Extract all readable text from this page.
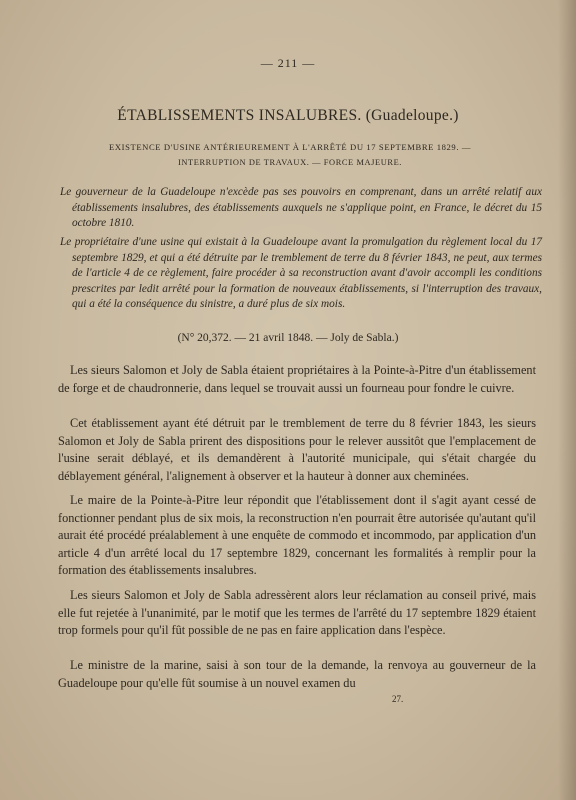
— 211 —
ÉTABLISSEMENTS INSALUBRES. (Guadeloupe.)
EXISTENCE D'USINE ANTÉRIEUREMENT À L'ARRÊTÉ DU 17 SEPTEMBRE 1829. —
INTERRUPTION DE TRAVAUX. — FORCE MAJEURE.

Le gouverneur de la Guadeloupe n'excède pas ses pouvoirs en comprenant, dans un arrêté relatif aux établissements insalubres, des établissements auxquels ne s'applique point, en France, le décret du 15 octobre 1810.

Le propriétaire d'une usine qui existait à la Guadeloupe avant la promulgation du règlement local du 17 septembre 1829, et qui a été détruite par le tremblement de terre du 8 février 1843, ne peut, aux termes de l'article 4 de ce règlement, faire procéder à sa reconstruction avant d'avoir accompli les conditions prescrites par ledit arrêté pour la formation de nouveaux établissements, si l'interruption des travaux, qui a été la conséquence du sinistre, a duré plus de six mois.

(N° 20,372. — 21 avril 1848. — Joly de Sabla.)

Les sieurs Salomon et Joly de Sabla étaient propriétaires à la Pointe-à-Pitre d'un établissement de forge et de chaudronnerie, dans lequel se trouvait aussi un fourneau pour fondre le cuivre.

Cet établissement ayant été détruit par le tremblement de terre du 8 février 1843, les sieurs Salomon et Joly de Sabla prirent des dispositions pour le relever aussitôt que l'emplacement de l'usine serait déblayé, et ils demandèrent à l'autorité municipale, qui s'était chargée du déblayement général, l'alignement à observer et la hauteur à donner aux cheminées.

Le maire de la Pointe-à-Pitre leur répondit que l'établissement dont il s'agit ayant cessé de fonctionner pendant plus de six mois, la reconstruction n'en pourrait être autorisée qu'autant qu'il aurait été procédé préalablement à une enquête de commodo et incommodo, par application d'un article 4 d'un arrêté local du 17 septembre 1829, concernant les formalités à remplir pour la formation des établissements insalubres.

Les sieurs Salomon et Joly de Sabla adressèrent alors leur réclamation au conseil privé, mais elle fut rejetée à l'unanimité, par le motif que les termes de l'arrêté du 17 septembre 1829 étaient trop formels pour qu'il fût possible de ne pas en faire application dans l'espèce.

Le ministre de la marine, saisi à son tour de la demande, la renvoya au gouverneur de la Guadeloupe pour qu'elle fût soumise à un nouvel examen du

27.
